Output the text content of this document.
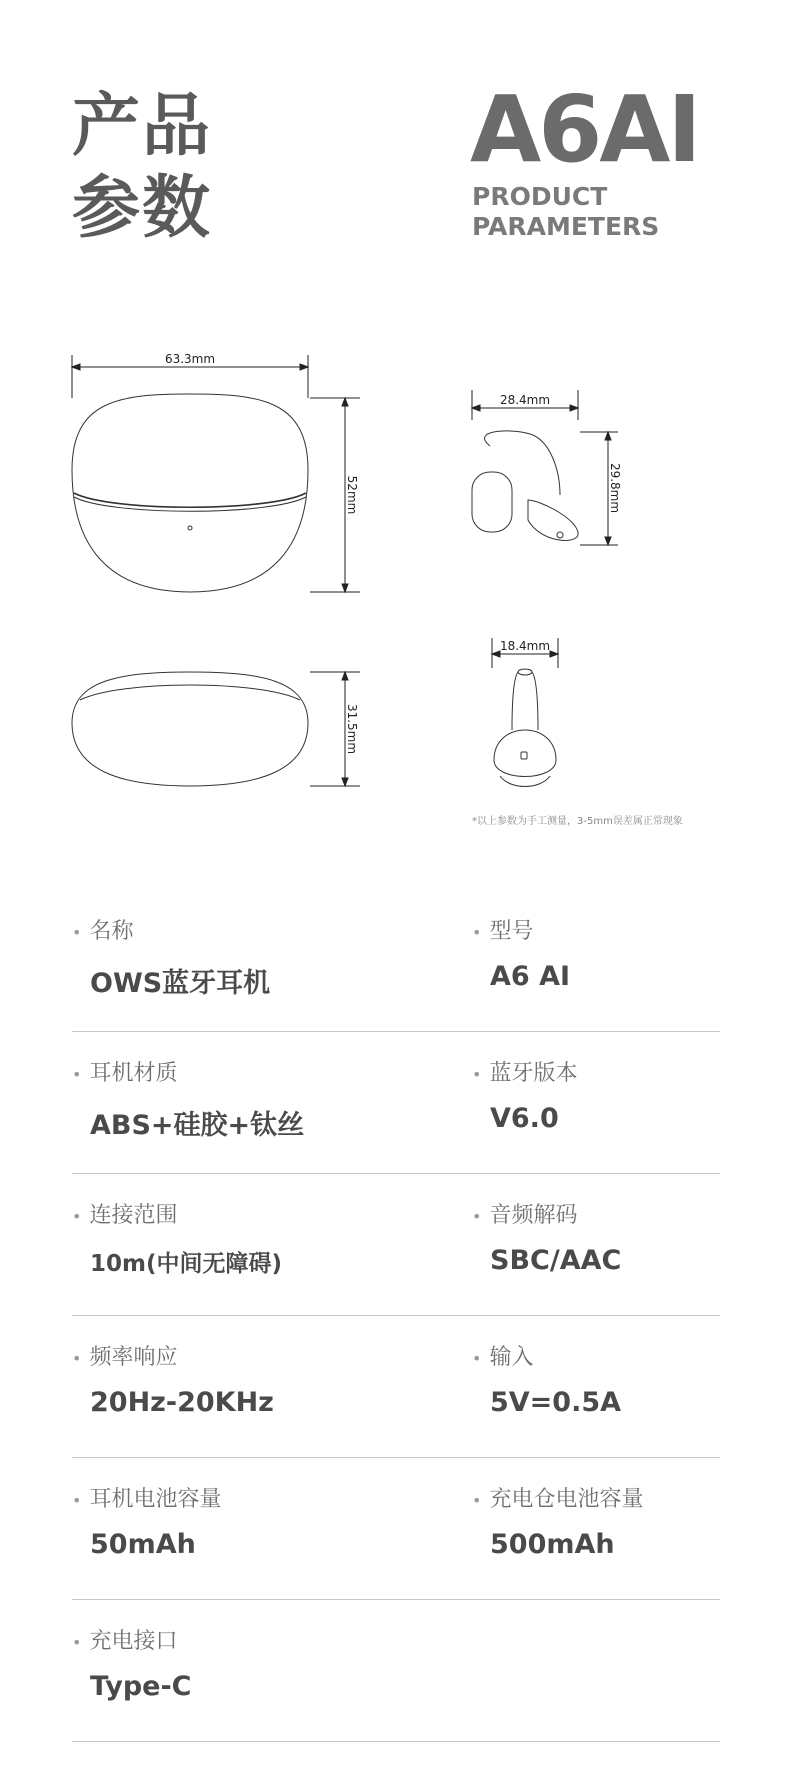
产品
参数
A6AI
PRODUCT
PARAMETERS
63.3mm
52mm
31.5mm
28.4mm
29.8mm
18.4mm
*以上参数为手工测量，3-5mm误差属正常现象
• 名称
OWS蓝牙耳机
• 型号
A6 AI
• 耳机材质
ABS+硅胶+钛丝
• 蓝牙版本
V6.0
• 连接范围
10m(中间无障碍)
• 音频解码
SBC/AAC
• 频率响应
20Hz-20KHz
• 输入
5V=0.5A
• 耳机电池容量
50mAh
• 充电仓电池容量
500mAh
• 充电接口
Type-C
